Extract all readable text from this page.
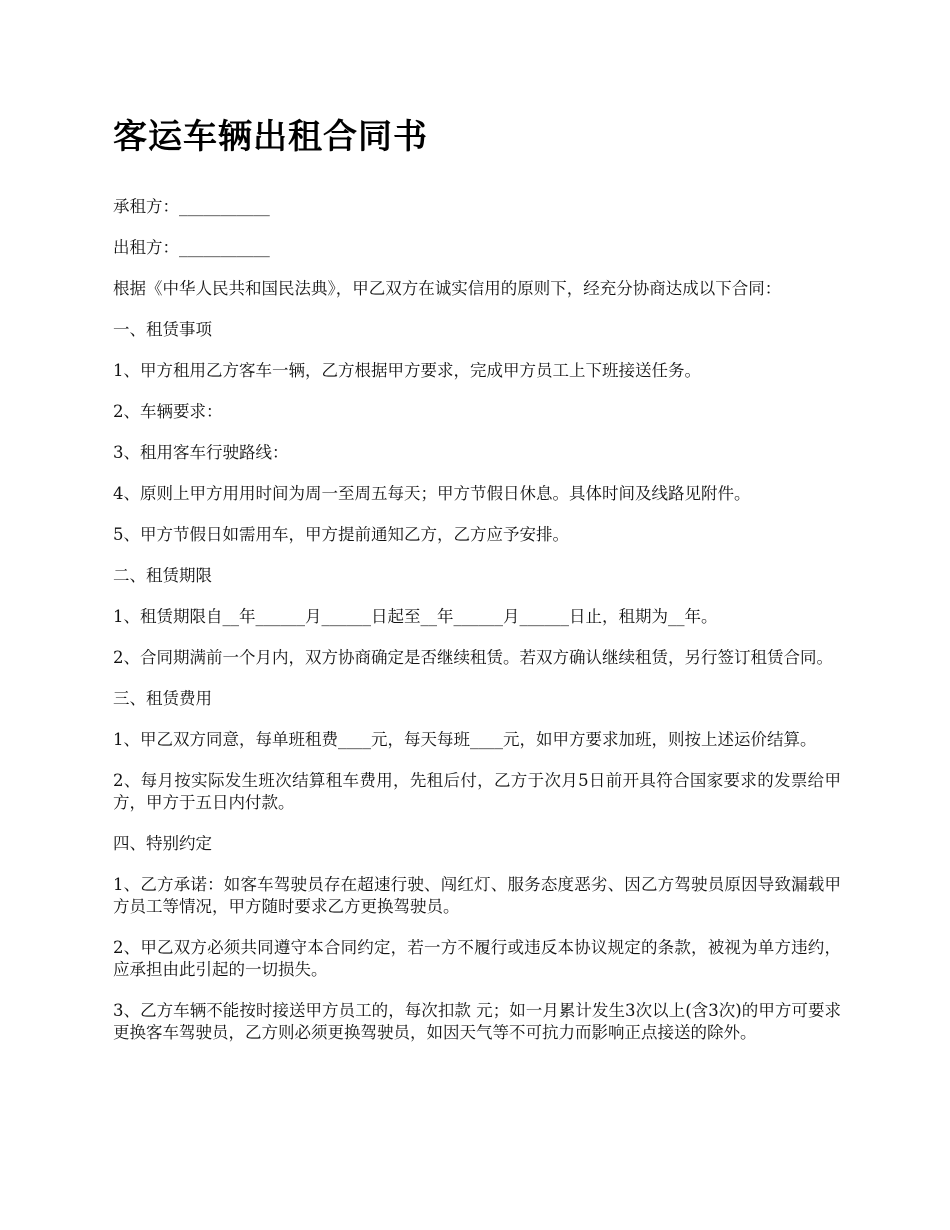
客运车辆出租合同书

承租方：___________

出租方：___________

根据《中华人民共和国民法典》，甲乙双方在诚实信用的原则下，经充分协商达成以下合同：

一、租赁事项

1、甲方租用乙方客车一辆，乙方根据甲方要求，完成甲方员工上下班接送任务。

2、车辆要求：

3、租用客车行驶路线：

4、原则上甲方用用时间为周一至周五每天；甲方节假日休息。具体时间及线路见附件。

5、甲方节假日如需用车，甲方提前通知乙方，乙方应予安排。

二、租赁期限

1、租赁期限自__年______月______日起至__年______月______日止，租期为__年。

2、合同期满前一个月内，双方协商确定是否继续租赁。若双方确认继续租赁，另行签订租赁合同。

三、租赁费用

1、甲乙双方同意，每单班租费____元，每天每班____元，如甲方要求加班，则按上述运价结算。

2、每月按实际发生班次结算租车费用，先租后付，乙方于次月5日前开具符合国家要求的发票给甲方，甲方于五日内付款。

四、特别约定

1、乙方承诺：如客车驾驶员存在超速行驶、闯红灯、服务态度恶劣、因乙方驾驶员原因导致漏载甲方员工等情况，甲方随时要求乙方更换驾驶员。

2、甲乙双方必须共同遵守本合同约定，若一方不履行或违反本协议规定的条款，被视为单方违约，应承担由此引起的一切损失。

3、乙方车辆不能按时接送甲方员工的，每次扣款 元；如一月累计发生3次以上(含3次)的甲方可要求更换客车驾驶员，乙方则必须更换驾驶员，如因天气等不可抗力而影响正点接送的除外。
